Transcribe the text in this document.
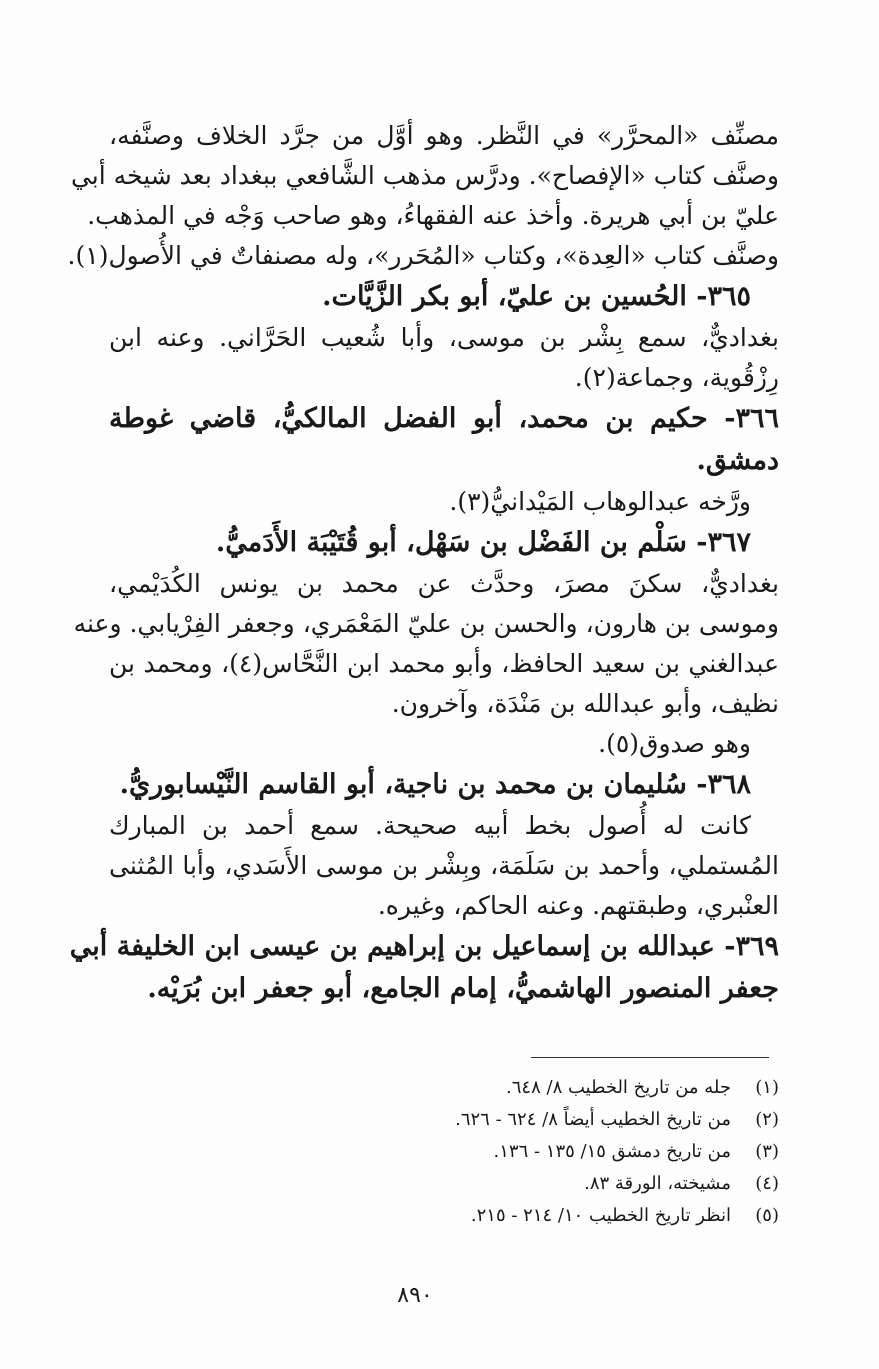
مصنِّف «المحرَّر» في النَّظر. وهو أوَّل من جرَّد الخلاف وصنَّفه،
وصنَّف كتاب «الإفصاح». ودرَّس مذهب الشَّافعي ببغداد بعد شيخه أبي
عليّ بن أبي هريرة. وأخذ عنه الفقهاءُ، وهو صاحب وَجْه في المذهب.
وصنَّف كتاب «العِدة»، وكتاب «المُحَرر»، وله مصنفاتٌ في الأُصول(١).
٣٦٥- الحُسين بن عليّ، أبو بكر الزَّيَّات.
بغداديٌّ، سمع بِشْر بن موسى، وأبا شُعيب الحَرَّاني. وعنه ابن
رِزْقُوية، وجماعة(٢).
٣٦٦- حكيم بن محمد، أبو الفضل المالكيُّ، قاضي غوطة
دمشق.
ورَّخه عبدالوهاب المَيْدانيُّ(٣).
٣٦٧- سَلْم بن الفَضْل بن سَهْل، أبو قُتَيْبَة الأَدَميُّ.
بغداديٌّ، سكنَ مصرَ، وحدَّث عن محمد بن يونس الكُدَيْمي،
وموسى بن هارون، والحسن بن عليّ المَعْمَري، وجعفر الفِرْيابي. وعنه
عبدالغني بن سعيد الحافظ، وأبو محمد ابن النَّحَّاس(٤)، ومحمد بن
نظيف، وأبو عبدالله بن مَنْدَة، وآخرون.
وهو صدوق(٥).
٣٦٨- سُليمان بن محمد بن ناجية، أبو القاسم النَّيْسابوريُّ.
كانت له أُصول بخط أبيه صحيحة. سمع أحمد بن المبارك
المُستملي، وأحمد بن سَلَمَة، وبِشْر بن موسى الأَسَدي، وأبا المُثنى
العنْبري، وطبقتهم. وعنه الحاكم، وغيره.
٣٦٩- عبدالله بن إسماعيل بن إبراهيم بن عيسى ابن الخليفة أبي
جعفر المنصور الهاشميُّ، إمام الجامع، أبو جعفر ابن بُرَيْه.
(١)
جله من تاريخ الخطيب ٨/ ٦٤٨.
(٢)
من تاريخ الخطيب أيضاً ٨/ ٦٢٤ - ٦٢٦.
(٣)
من تاريخ دمشق ١٥/ ١٣٥ - ١٣٦.
(٤)
مشيخته، الورقة ٨٣.
(٥)
انظر تاريخ الخطيب ١٠/ ٢١٤ - ٢١٥.
٨٩٠
